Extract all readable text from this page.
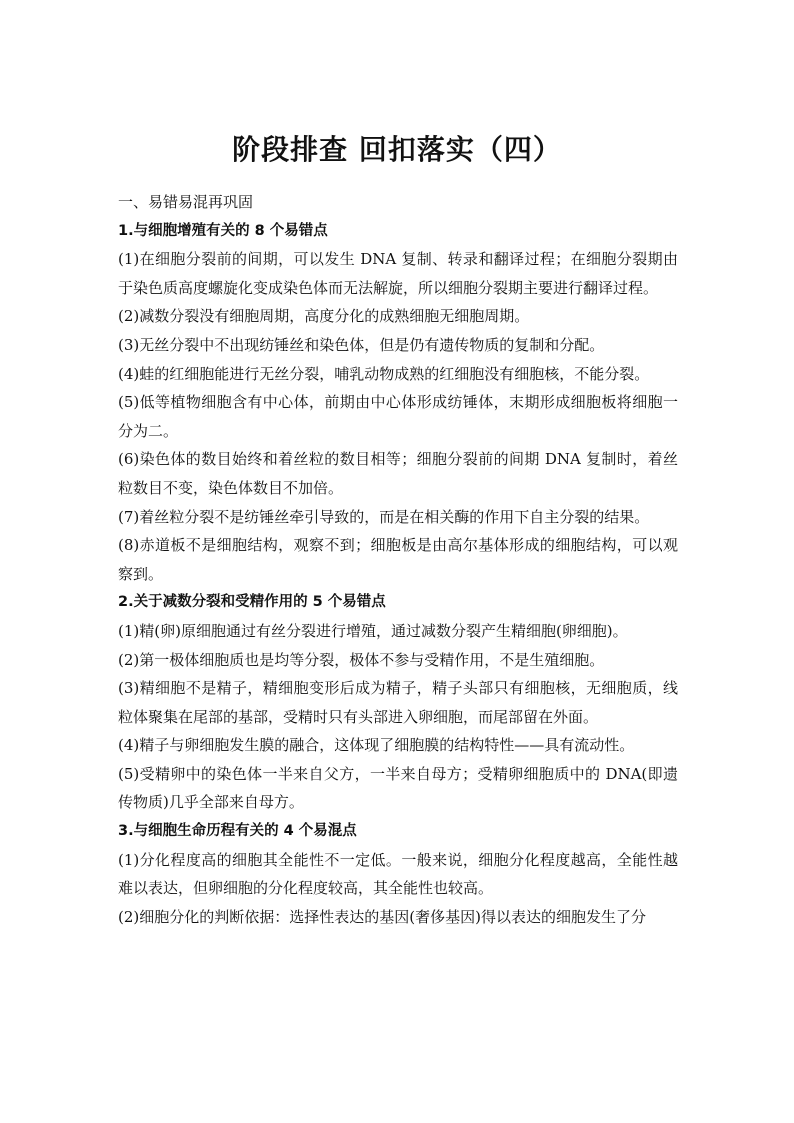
阶段排查 回扣落实（四）

一、易错易混再巩固

1.与细胞增殖有关的 8 个易错点

(1)在细胞分裂前的间期，可以发生 DNA 复制、转录和翻译过程；在细胞分裂期由于染色质高度螺旋化变成染色体而无法解旋，所以细胞分裂期主要进行翻译过程。

(2)减数分裂没有细胞周期，高度分化的成熟细胞无细胞周期。

(3)无丝分裂中不出现纺锤丝和染色体，但是仍有遗传物质的复制和分配。

(4)蛙的红细胞能进行无丝分裂，哺乳动物成熟的红细胞没有细胞核，不能分裂。

(5)低等植物细胞含有中心体，前期由中心体形成纺锤体，末期形成细胞板将细胞一分为二。

(6)染色体的数目始终和着丝粒的数目相等；细胞分裂前的间期 DNA 复制时，着丝粒数目不变，染色体数目不加倍。

(7)着丝粒分裂不是纺锤丝牵引导致的，而是在相关酶的作用下自主分裂的结果。

(8)赤道板不是细胞结构，观察不到；细胞板是由高尔基体形成的细胞结构，可以观察到。

2.关于减数分裂和受精作用的 5 个易错点

(1)精(卵)原细胞通过有丝分裂进行增殖，通过减数分裂产生精细胞(卵细胞)。

(2)第一极体细胞质也是均等分裂，极体不参与受精作用，不是生殖细胞。

(3)精细胞不是精子，精细胞变形后成为精子，精子头部只有细胞核，无细胞质，线粒体聚集在尾部的基部，受精时只有头部进入卵细胞，而尾部留在外面。

(4)精子与卵细胞发生膜的融合，这体现了细胞膜的结构特性——具有流动性。

(5)受精卵中的染色体一半来自父方，一半来自母方；受精卵细胞质中的 DNA(即遗传物质)几乎全部来自母方。

3.与细胞生命历程有关的 4 个易混点

(1)分化程度高的细胞其全能性不一定低。一般来说，细胞分化程度越高，全能性越难以表达，但卵细胞的分化程度较高，其全能性也较高。

(2)细胞分化的判断依据：选择性表达的基因(奢侈基因)得以表达的细胞发生了分
